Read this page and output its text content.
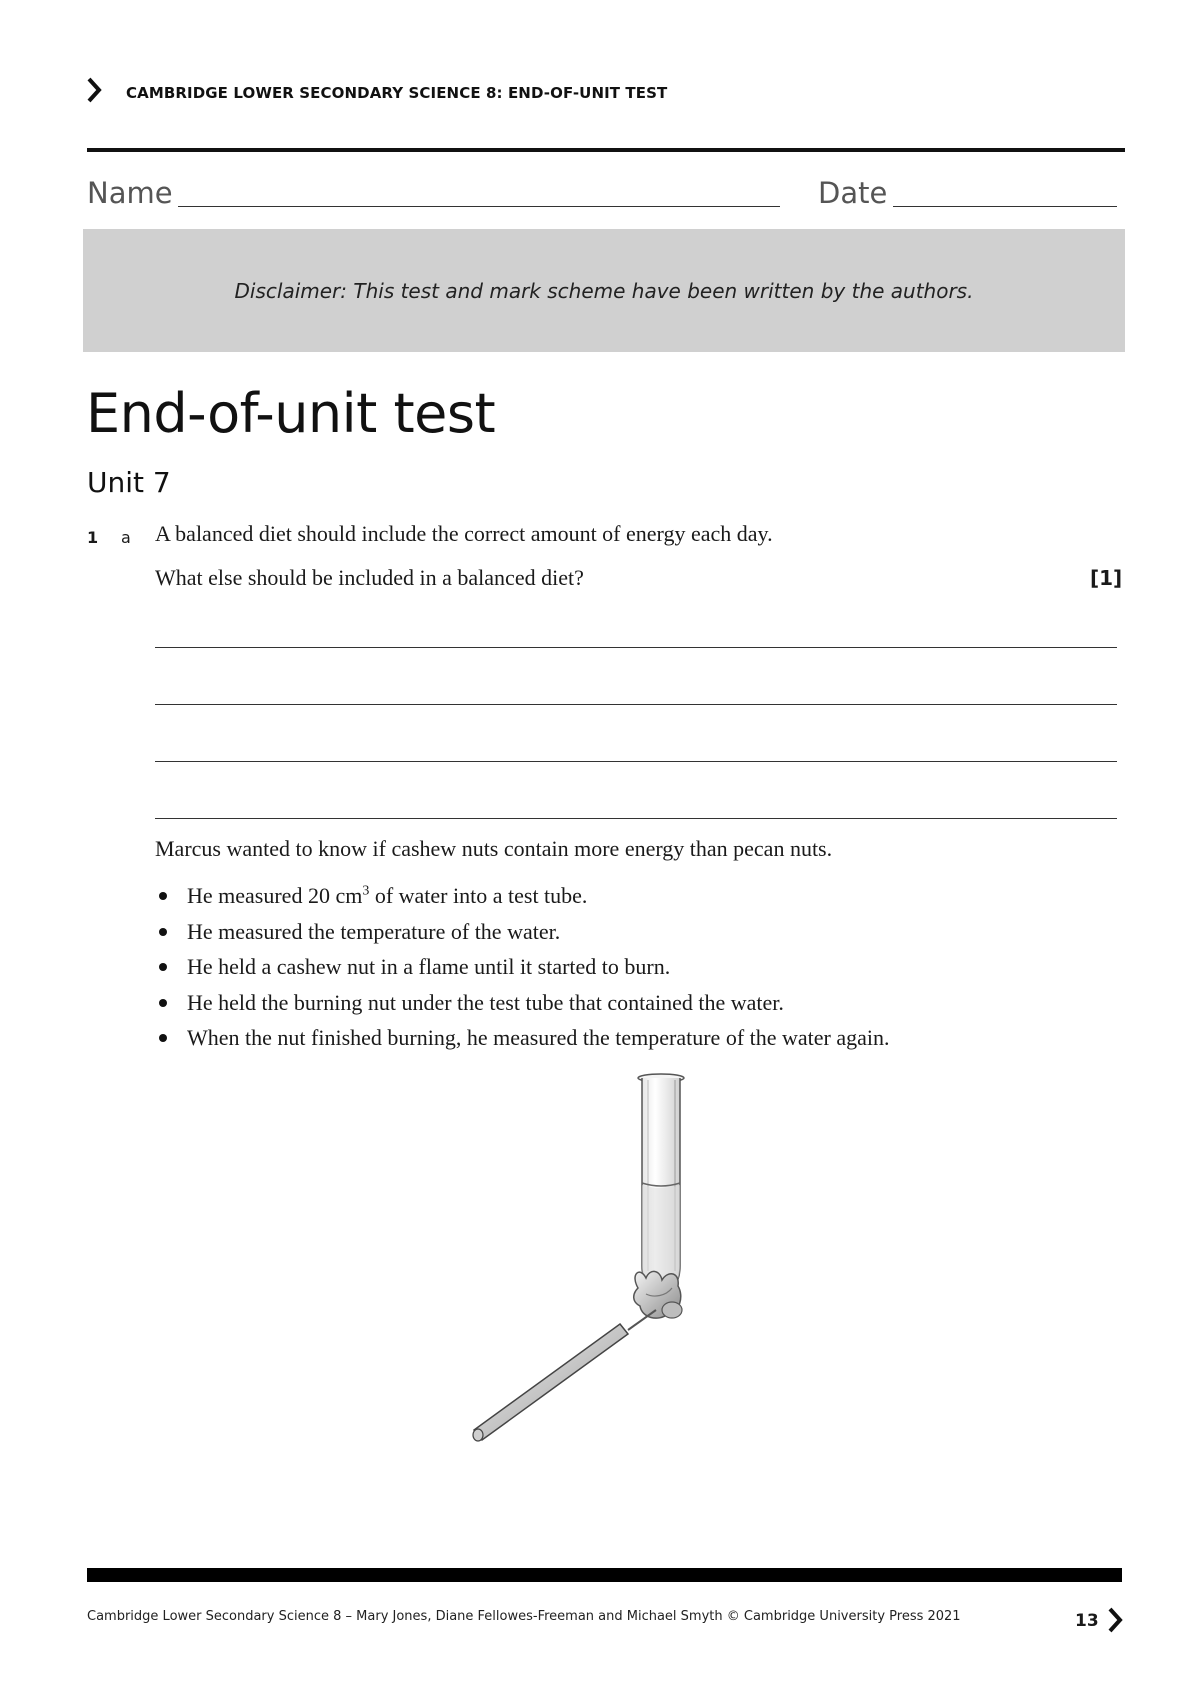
CAMBRIDGE LOWER SECONDARY SCIENCE 8: END-OF-UNIT TEST
Name	Date
Disclaimer: This test and mark scheme have been written by the authors.
End-of-unit test
Unit 7
1 a A balanced diet should include the correct amount of energy each day.
What else should be included in a balanced diet?	[1]
Marcus wanted to know if cashew nuts contain more energy than pecan nuts.
He measured 20 $cm^3$ of water into a test tube.
He measured the temperature of the water.
He held a cashew nut in a flame until it started to burn.
He held the burning nut under the test tube that contained the water.
When the nut finished burning, he measured the temperature of the water again.
Cambridge Lower Secondary Science 8 – Mary Jones, Diane Fellowes-Freeman and Michael Smyth © Cambridge University Press 2021	13
